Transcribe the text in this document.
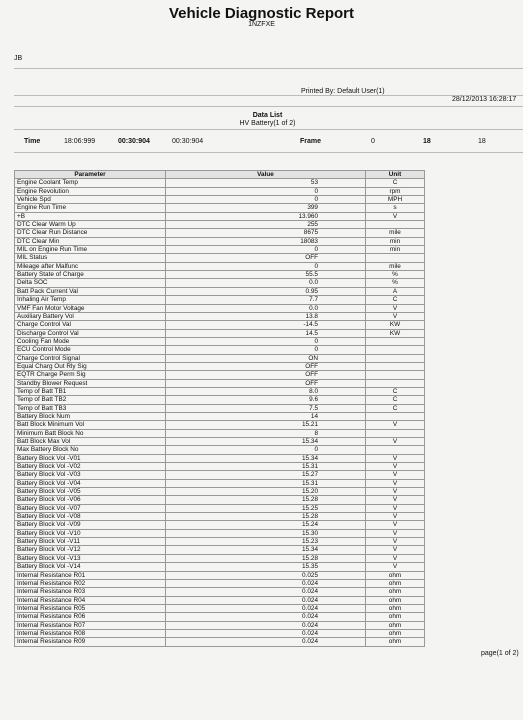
Vehicle Diagnostic Report
1NZFXE
JB
Printed By: Default User(1)
28/12/2013 16:28:17
Data List
HV Battery(1 of 2)
Time	18:06:999	00:30:904	00:30:904	Frame	0	18	18
Parameter	Value	Unit
Engine Coolant Temp	53	C
Engine Revolution	0	rpm
Vehicle Spd	0	MPH
Engine Run Time	399	s
+B	13.960	V
DTC Clear Warm Up	255	
DTC Clear Run Distance	8675	mile
DTC Clear Min	18083	min
MIL on Engine Run Time	0	min
MIL Status	OFF	
Mileage after Malfunc	0	mile
Battery State of Charge	55.5	%
Delta SOC	0.0	%
Batt Pack Current Val	0.95	A
Inhaling Air Temp	7.7	C
VMF Fan Motor Voltage	0.0	V
Auxiliary Battery Vol	13.8	V
Charge Control Val	-14.5	KW
Discharge Control Val	14.5	KW
Cooling Fan Mode	0	
ECU Control Mode	0	
Charge Control Signal	ON	
Equal Charg Out Rly Sig	OFF	
EQTR Charge Perm Sig	OFF	
Standby Blower Request	OFF	
Temp of Batt TB1	8.0	C
Temp of Batt TB2	9.6	C
Temp of Batt TB3	7.5	C
Battery Block Num	14	
Batt Block Minimum Vol	15.21	V
Minimum Batt Block No	8	
Batt Block Max Vol	15.34	V
Max Battery Block No	0	
Battery Block Vol -V01	15.34	V
Battery Block Vol -V02	15.31	V
Battery Block Vol -V03	15.27	V
Battery Block Vol -V04	15.31	V
Battery Block Vol -V05	15.20	V
Battery Block Vol -V06	15.28	V
Battery Block Vol -V07	15.25	V
Battery Block Vol -V08	15.28	V
Battery Block Vol -V09	15.24	V
Battery Block Vol -V10	15.30	V
Battery Block Vol -V11	15.23	V
Battery Block Vol -V12	15.34	V
Battery Block Vol -V13	15.28	V
Battery Block Vol -V14	15.35	V
Internal Resistance R01	0.025	ohm
Internal Resistance R02	0.024	ohm
Internal Resistance R03	0.024	ohm
Internal Resistance R04	0.024	ohm
Internal Resistance R05	0.024	ohm
Internal Resistance R06	0.024	ohm
Internal Resistance R07	0.024	ohm
Internal Resistance R08	0.024	ohm
Internal Resistance R09	0.024	ohm
page(1 of 2)
